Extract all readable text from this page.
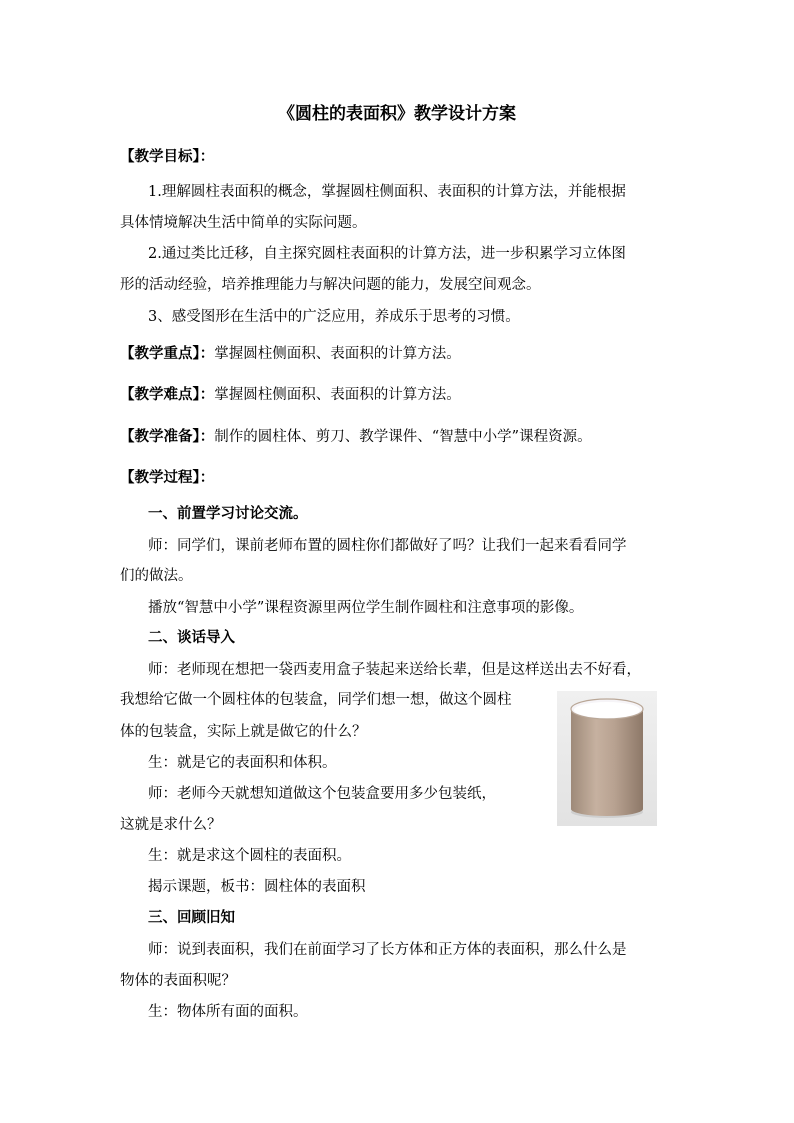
《圆柱的表面积》教学设计方案
【教学目标】：
1.理解圆柱表面积的概念，掌握圆柱侧面积、表面积的计算方法，并能根据
具体情境解决生活中简单的实际问题。
2.通过类比迁移，自主探究圆柱表面积的计算方法，进一步积累学习立体图
形的活动经验，培养推理能力与解决问题的能力，发展空间观念。
3、感受图形在生活中的广泛应用，养成乐于思考的习惯。
【教学重点】：掌握圆柱侧面积、表面积的计算方法。
【教学难点】：掌握圆柱侧面积、表面积的计算方法。
【教学准备】：制作的圆柱体、剪刀、教学课件、“智慧中小学”课程资源。
【教学过程】：
一、前置学习讨论交流。
师：同学们，课前老师布置的圆柱你们都做好了吗？让我们一起来看看同学
们的做法。
播放“智慧中小学”课程资源里两位学生制作圆柱和注意事项的影像。
二、谈话导入
师：老师现在想把一袋西麦用盒子装起来送给长辈，但是这样送出去不好看，
我想给它做一个圆柱体的包装盒，同学们想一想，做这个圆柱
体的包装盒，实际上就是做它的什么？
生：就是它的表面积和体积。
师：老师今天就想知道做这个包装盒要用多少包装纸，
这就是求什么？
生：就是求这个圆柱的表面积。
揭示课题，板书：圆柱体的表面积
三、回顾旧知
师：说到表面积，我们在前面学习了长方体和正方体的表面积，那么什么是
物体的表面积呢？
生：物体所有面的面积。
